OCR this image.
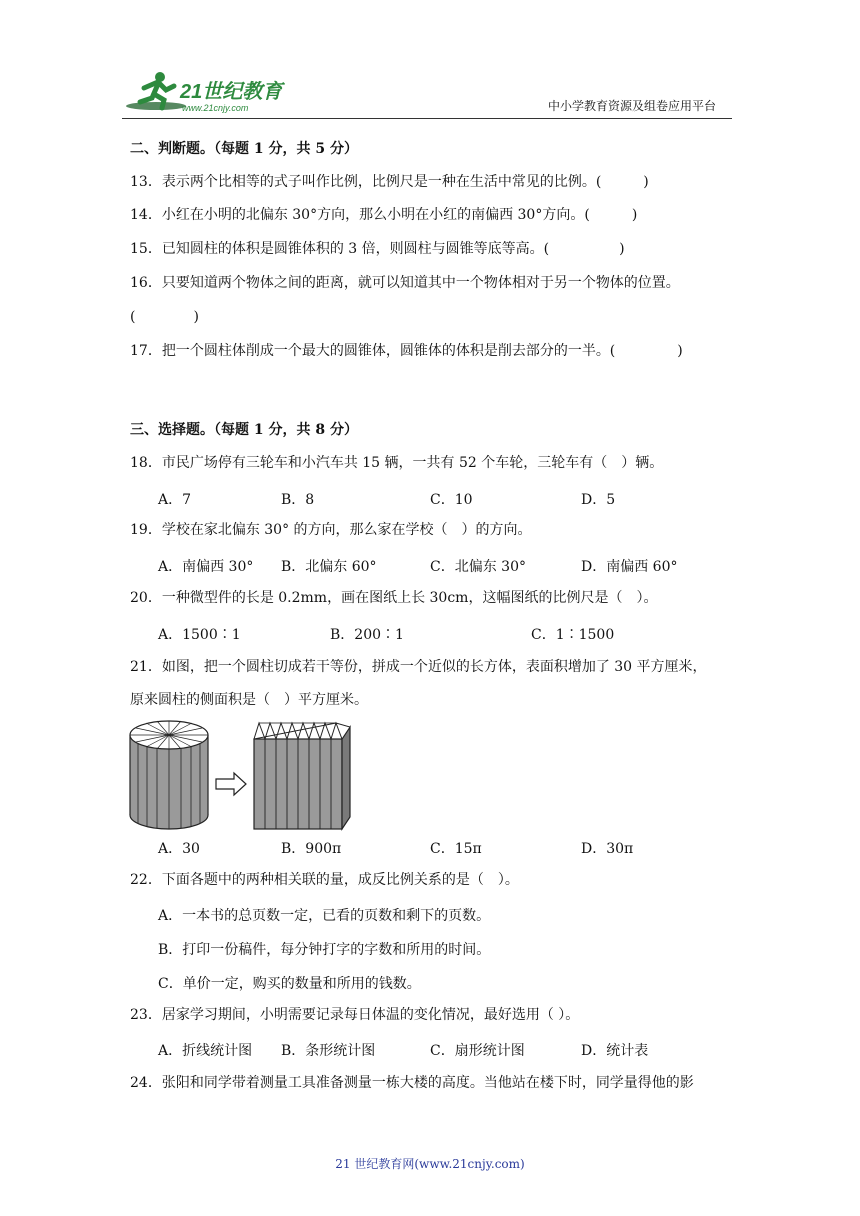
21世纪教育
www.21cnjy.com	中小学教育资源及组卷应用平台
二、判断题。（每题 1 分，共 5 分）
13．表示两个比相等的式子叫作比例，比例尺是一种在生活中常见的比例。(	)
14．小红在小明的北偏东 30°方向，那么小明在小红的南偏西 30°方向。(	)
15．已知圆柱的体积是圆锥体积的 3 倍，则圆柱与圆锥等底等高。(	)
16．只要知道两个物体之间的距离，就可以知道其中一个物体相对于另一个物体的位置。
(	)
17．把一个圆柱体削成一个最大的圆锥体，圆锥体的体积是削去部分的一半。(	)
三、选择题。（每题 1 分，共 8 分）
18．市民广场停有三轮车和小汽车共 15 辆，一共有 52 个车轮，三轮车有（　）辆。
A．7	B．8	C．10	D．5
19．学校在家北偏东 30° 的方向，那么家在学校（　）的方向。
A．南偏西 30° B．北偏东 60°	C．北偏东 30°	D．南偏西 60°
20．一种微型件的长是 0.2mm，画在图纸上长 30cm，这幅图纸的比例尺是（　）。
A．1500∶1	B．200∶1	C．1∶1500
21．如图，把一个圆柱切成若干等份，拼成一个近似的长方体，表面积增加了 30 平方厘米，
原来圆柱的侧面积是（　）平方厘米。
A．30	B．900π	C．15π	D．30π
22．下面各题中的两种相关联的量，成反比例关系的是（　）。
A．一本书的总页数一定，已看的页数和剩下的页数。
B．打印一份稿件，每分钟打字的字数和所用的时间。
C．单价一定，购买的数量和所用的钱数。
23．居家学习期间，小明需要记录每日体温的变化情况，最好选用（ ）。
A．折线统计图 B．条形统计图	C．扇形统计图	D．统计表
24．张阳和同学带着测量工具准备测量一栋大楼的高度。当他站在楼下时，同学量得他的影
21 世纪教育网(www.21cnjy.com)
